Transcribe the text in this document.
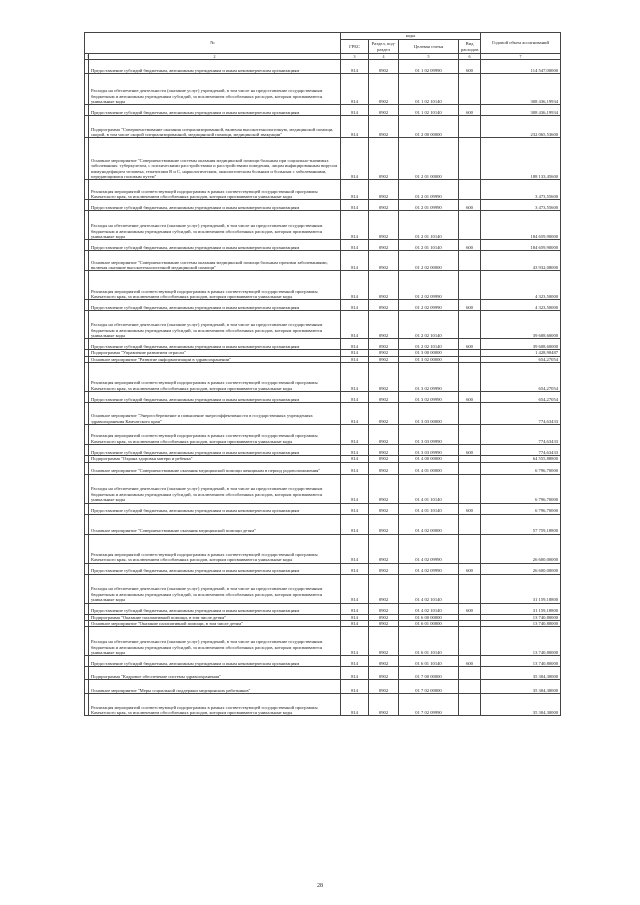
№		коды				Годовой объем ассигнований
		ГРБС	Раздел, под-раздел	Целевая статья	Вид расходов	
1	2	3	4	5	6	7
	Предоставление субсидий бюджетным, автономным учреждениям и иным некоммерческим организациям	814	0902	01 1 02 09990	600	114 547,00000
	Расходы на обеспечение деятельности (оказание услуг) учреждений, в том числе на предоставление государственным бюджетным и автономным учреждениям субсидий, за исключением обособленных расходов, которым присваиваются уникальные коды	814	0902	01 1 02 10140		308 436,19934
	Предоставление субсидий бюджетным, автономным учреждениям и иным некоммерческим организациям	814	0902	01 1 02 10140	600	308 436,19934
	Подпрограмма "Совершенствование оказания специализированной, включая высокотехнологичную, медицинской помощи, скорой, в том числе скорой специализированной, медицинской помощи, медицинской эвакуации"	814	0902	01 2 00 00000		232 065,53600
	Основное мероприятие "Совершенствование системы оказания медицинской помощи больным при социально-значимых заболеваниях: туберкулезом, с психическими расстройствами и расстройствами поведения, лицам инфицированным вирусом иммунодефицита человека, гепатитами В и С, наркологическим, онкологическим больным и больным с заболеваниями, передающимися половым путем"	814	0902	01 2 01 00000		188 133,45600
	Реализация мероприятий соответствующей подпрограммы в рамках соответствующей государственной программы Камчатского края, за исключением обособленных расходов, которым присваиваются уникальные коды	814	0902	01 2 01 09990		3 473,55600
	Предоставление субсидий бюджетным, автономным учреждениям и иным некоммерческим организациям	814	0902	01 2 01 09990	600	3 473,55600
	Расходы на обеспечение деятельности (оказание услуг) учреждений, в том числе на предоставление государственным бюджетным и автономным учреждениям субсидий, за исключением обособленных расходов, которым присваиваются уникальные коды	814	0902	01 2 01 10140		184 659,90000
	Предоставление субсидий бюджетным, автономным учреждениям и иным некоммерческим организациям	814	0902	01 2 01 10140	600	184 659,90000
	Основное мероприятие "Совершенствование системы оказания медицинской помощи больным прочими заболеваниями, включая оказание высокотехнологичной медицинской помощи"	814	0902	01 2 02 00000		43 932,08000
	Реализация мероприятий соответствующей подпрограммы в рамках соответствующей государственной программы Камчатского края, за исключением обособленных расходов, которым присваиваются уникальные коды	814	0902	01 2 02 09990		4 323,50000
	Предоставление субсидий бюджетным, автономным учреждениям и иным некоммерческим организациям	814	0902	01 2 02 09990	600	4 323,50000
	Расходы на обеспечение деятельности (оказание услуг) учреждений, в том числе на предоставление государственным бюджетным и автономным учреждениям субсидий, за исключением обособленных расходов, которым присваиваются уникальные коды	814	0902	01 2 02 10140		39 608,60000
	Предоставление субсидий бюджетным, автономным учреждениям и иным некоммерческим организациям	814	0902	01 2 02 10140	600	39 608,60000
	Подпрограмма "Управление развитием отрасли"	814	0902	01 3 00 00000		1 428,90487
	Основное мероприятие "Развитие информатизации в здравоохранении"	814	0902	01 3 02 00000		654,27054
	Реализация мероприятий соответствующей подпрограммы в рамках соответствующей государственной программы Камчатского края, за исключением обособленных расходов, которым присваиваются уникальные коды	814	0902	01 3 02 09990		654,27054
	Предоставление субсидий бюджетным, автономным учреждениям и иным некоммерческим организациям	814	0902	01 3 02 09990	600	654,27054
	Основное мероприятие "Энергосбережение и повышение энергоэффективности в государственных учреждениях здравоохранения Камчатского края"	814	0902	01 3 03 00000		774,63433
	Реализация мероприятий соответствующей подпрограммы в рамках соответствующей государственной программы Камчатского края, за исключением обособленных расходов, которым присваиваются уникальные коды	814	0902	01 3 03 09990		774,63433
	Предоставление субсидий бюджетным, автономным учреждениям и иным некоммерческим организациям	814	0902	01 3 03 09990	600	774,63433
	Подпрограмма "Охрана здоровья матери и ребенка"	814	0902	01 4 00 00000		64 555,88800
	Основное мероприятие "Совершенствование оказания медицинской помощи женщинам в период родовспоможения"	814	0902	01 4 01 00000		6 796,70000
	Расходы на обеспечение деятельности (оказание услуг) учреждений, в том числе на предоставление государственным бюджетным и автономным учреждениям субсидий, за исключением обособленных расходов, которым присваиваются уникальные коды	814	0902	01 4 01 10140		6 796,70000
	Предоставление субсидий бюджетным, автономным учреждениям и иным некоммерческим организациям	814	0902	01 4 01 10140	600	6 796,70000
	Основное мероприятие "Совершенствование оказания медицинской помощи детям"	814	0902	01 4 02 00000		57 759,18800
	Реализация мероприятий соответствующей подпрограммы в рамках соответствующей государственной программы Камчатского края, за исключением обособленных расходов, которым присваиваются уникальные коды	814	0902	01 4 02 09990		26 600,00000
	Предоставление субсидий бюджетным, автономным учреждениям и иным некоммерческим организациям	814	0902	01 4 02 09990	600	26 600,00000
	Расходы на обеспечение деятельности (оказание услуг) учреждений, в том числе на предоставление государственным бюджетным и автономным учреждениям субсидий, за исключением обособленных расходов, которым присваиваются уникальные коды	814	0902	01 4 02 10140		31 159,18800
	Предоставление субсидий бюджетным, автономным учреждениям и иным некоммерческим организациям	814	0902	01 4 02 10140	600	31 159,18800
	Подпрограмма "Оказание паллиативной помощи, в том числе детям"	814	0902	01 6 00 00000		13 740,80000
	Основное мероприятие "Оказание паллиативной помощи, в том числе детям"	814	0902	01 6 01 00000		13 740,80000
	Расходы на обеспечение деятельности (оказание услуг) учреждений, в том числе на предоставление государственным бюджетным и автономным учреждениям субсидий, за исключением обособленных расходов, которым присваиваются уникальные коды	814	0902	01 6 01 10140		13 740,80000
	Предоставление субсидий бюджетным, автономным учреждениям и иным некоммерческим организациям	814	0902	01 6 01 10140	600	13 740,80000
	Подпрограмма "Кадровое обеспечение системы здравоохранения"	814	0902	01 7 00 00000		35 304,30000
	Основное мероприятие "Меры социальной поддержки медицинских работников"	814	0902	01 7 02 00000		35 304,30000
	Реализация мероприятий соответствующей подпрограммы в рамках соответствующей государственной программы Камчатского края, за исключением обособленных расходов, которым присваиваются уникальные коды	814	0902	01 7 02 09990		35 304,30000
28
